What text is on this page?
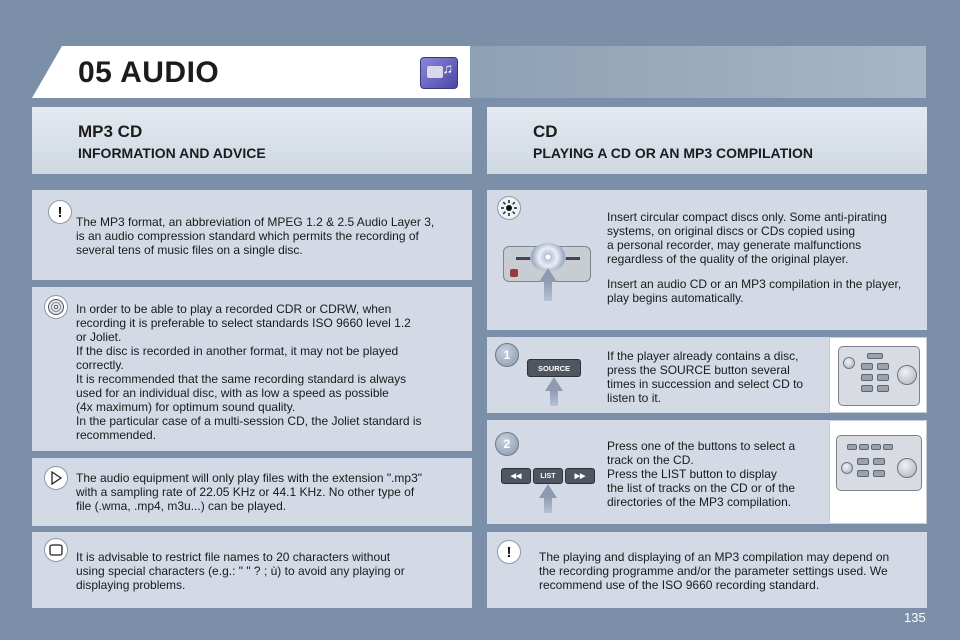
05 AUDIO	♫
MP3 CD
INFORMATION AND ADVICE
CD
PLAYING A CD OR AN MP3 COMPILATION
!
The MP3 format, an abbreviation of MPEG 1.2 & 2.5 Audio Layer 3,
is an audio compression standard which permits the recording of
several tens of music files on a single disc.
In order to be able to play a recorded CDR or CDRW, when
recording it is preferable to select standards ISO 9660 level 1.2
or Joliet.
If the disc is recorded in another format, it may not be played
correctly.
It is recommended that the same recording standard is always
used for an individual disc, with as low a speed as possible
(4x maximum) for optimum sound quality.
In the particular case of a multi-session CD, the Joliet standard is
recommended.
The audio equipment will only play files with the extension ".mp3"
with a sampling rate of 22.05 KHz or 44.1 KHz. No other type of
file (.wma, .mp4, m3u...) can be played.
It is advisable to restrict file names to 20 characters without
using special characters (e.g.: " " ? ; ù) to avoid any playing or
displaying problems.
Insert circular compact discs only. Some anti-pirating
systems, on original discs or CDs copied using
a personal recorder, may generate malfunctions
regardless of the quality of the original player.
Insert an audio CD or an MP3 compilation in the player,
play begins automatically.
1
SOURCE
If the player already contains a disc,
press the SOURCE button several
times in succession and select CD to
listen to it.
2
◀◀	LIST	▶▶
Press one of the buttons to select a
track on the CD.
Press the LIST button to display
the list of tracks on the CD or of the
directories of the MP3 compilation.
! The playing and displaying of an MP3 compilation may depend on
the recording programme and/or the parameter settings used. We
recommend use of the ISO 9660 recording standard.
135
